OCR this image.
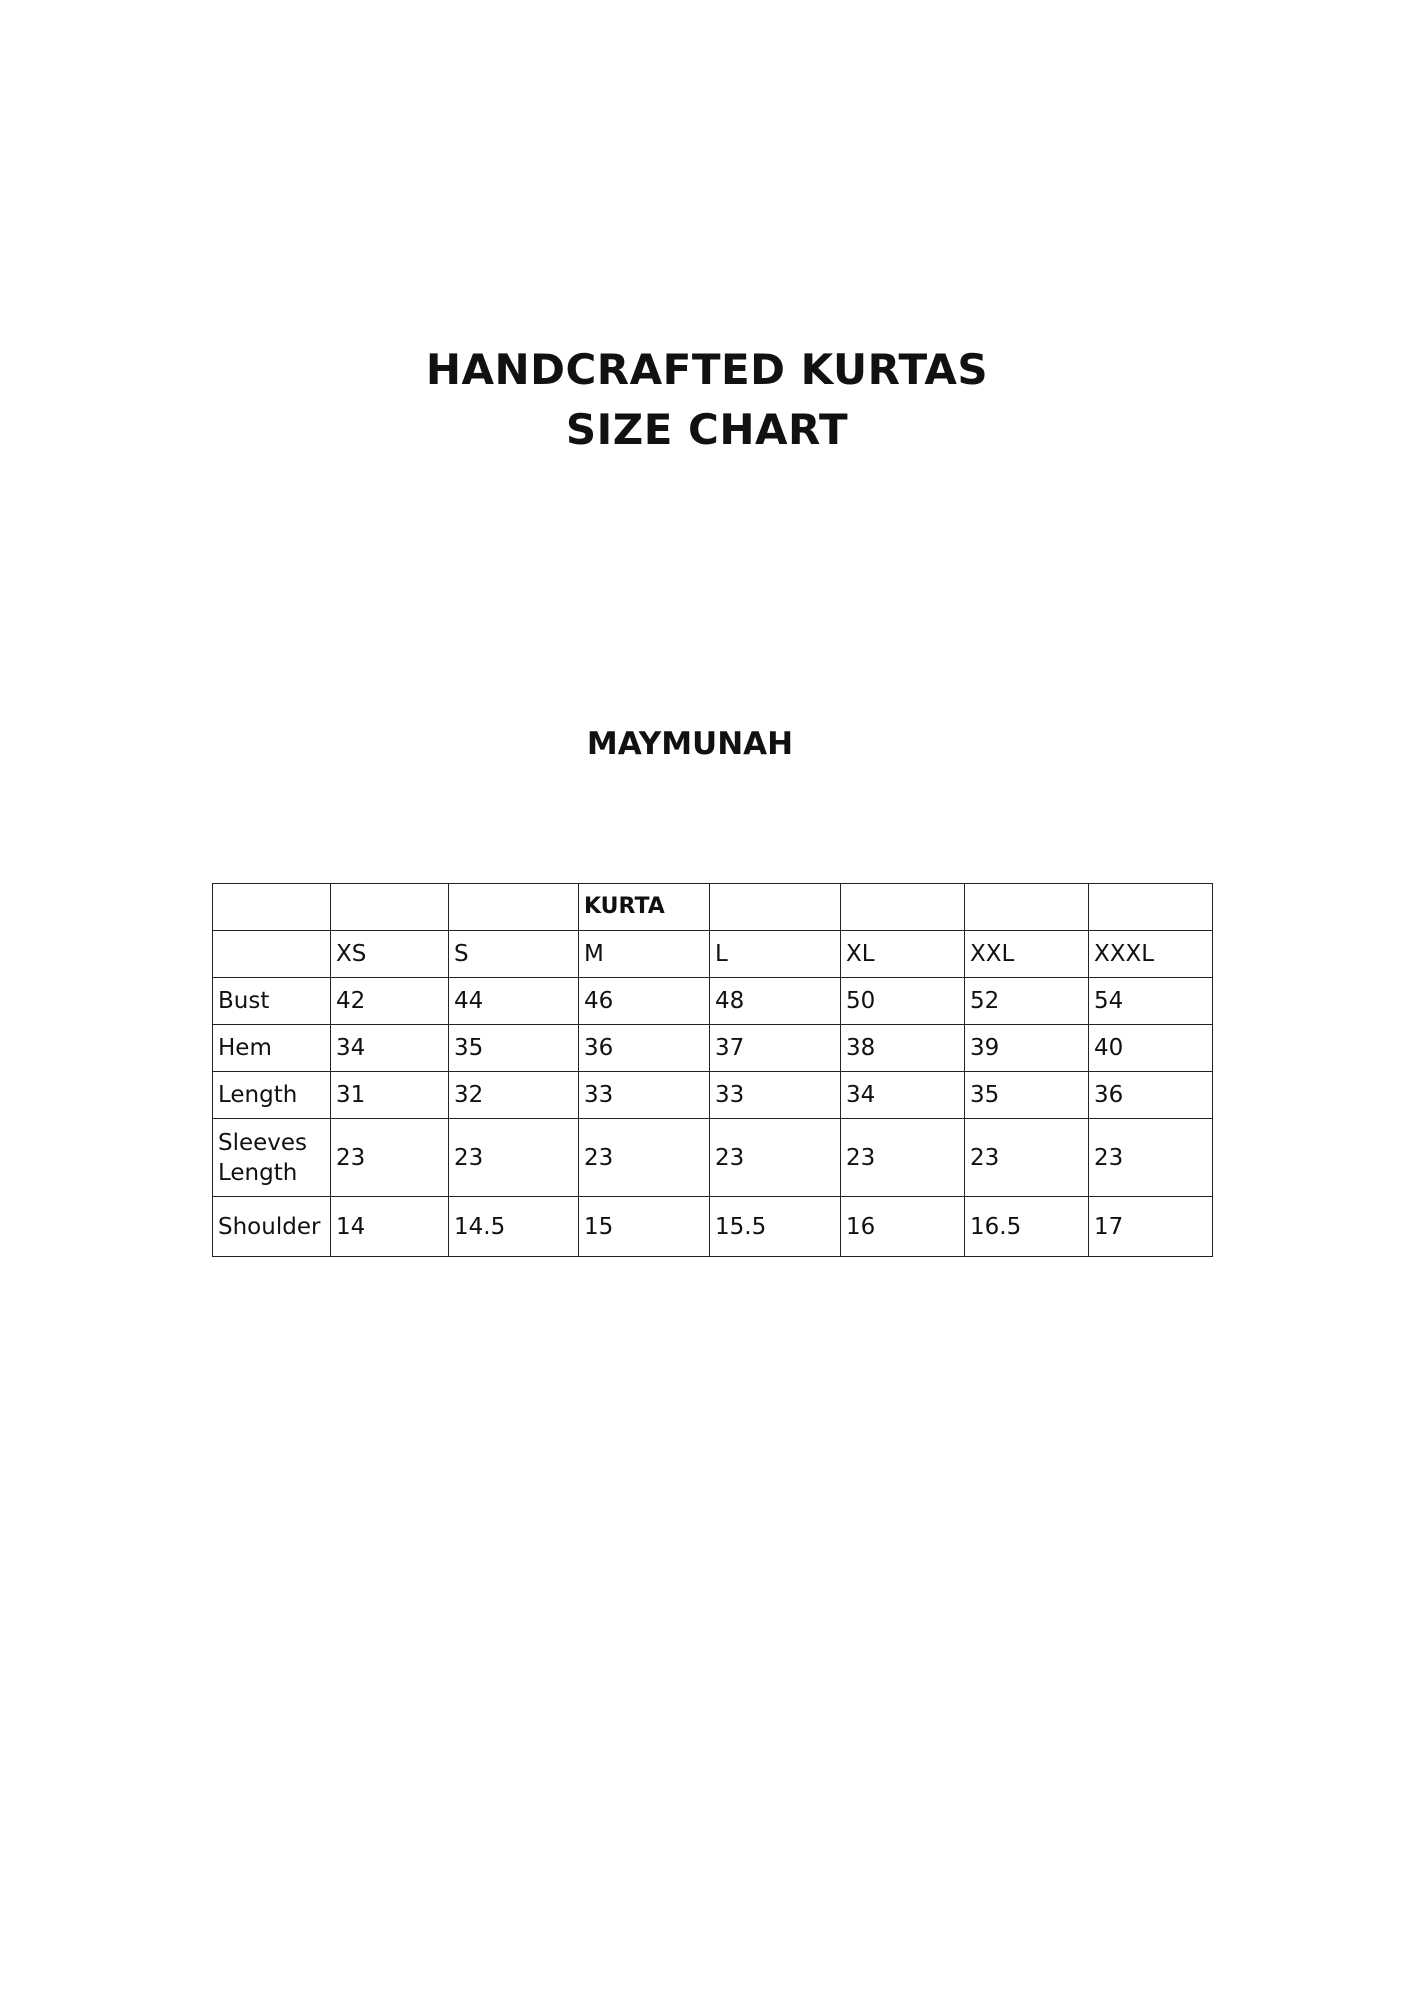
HANDCRAFTED KURTAS
SIZE CHART
MAYMUNAH
			KURTA				
	XS	S	M	L	XL	XXL	XXXL
Bust	42	44	46	48	50	52	54
Hem	34	35	36	37	38	39	40
Length	31	32	33	33	34	35	36
Sleeves
Length	23	23	23	23	23	23	23
Shoulder	14	14.5	15	15.5	16	16.5	17
